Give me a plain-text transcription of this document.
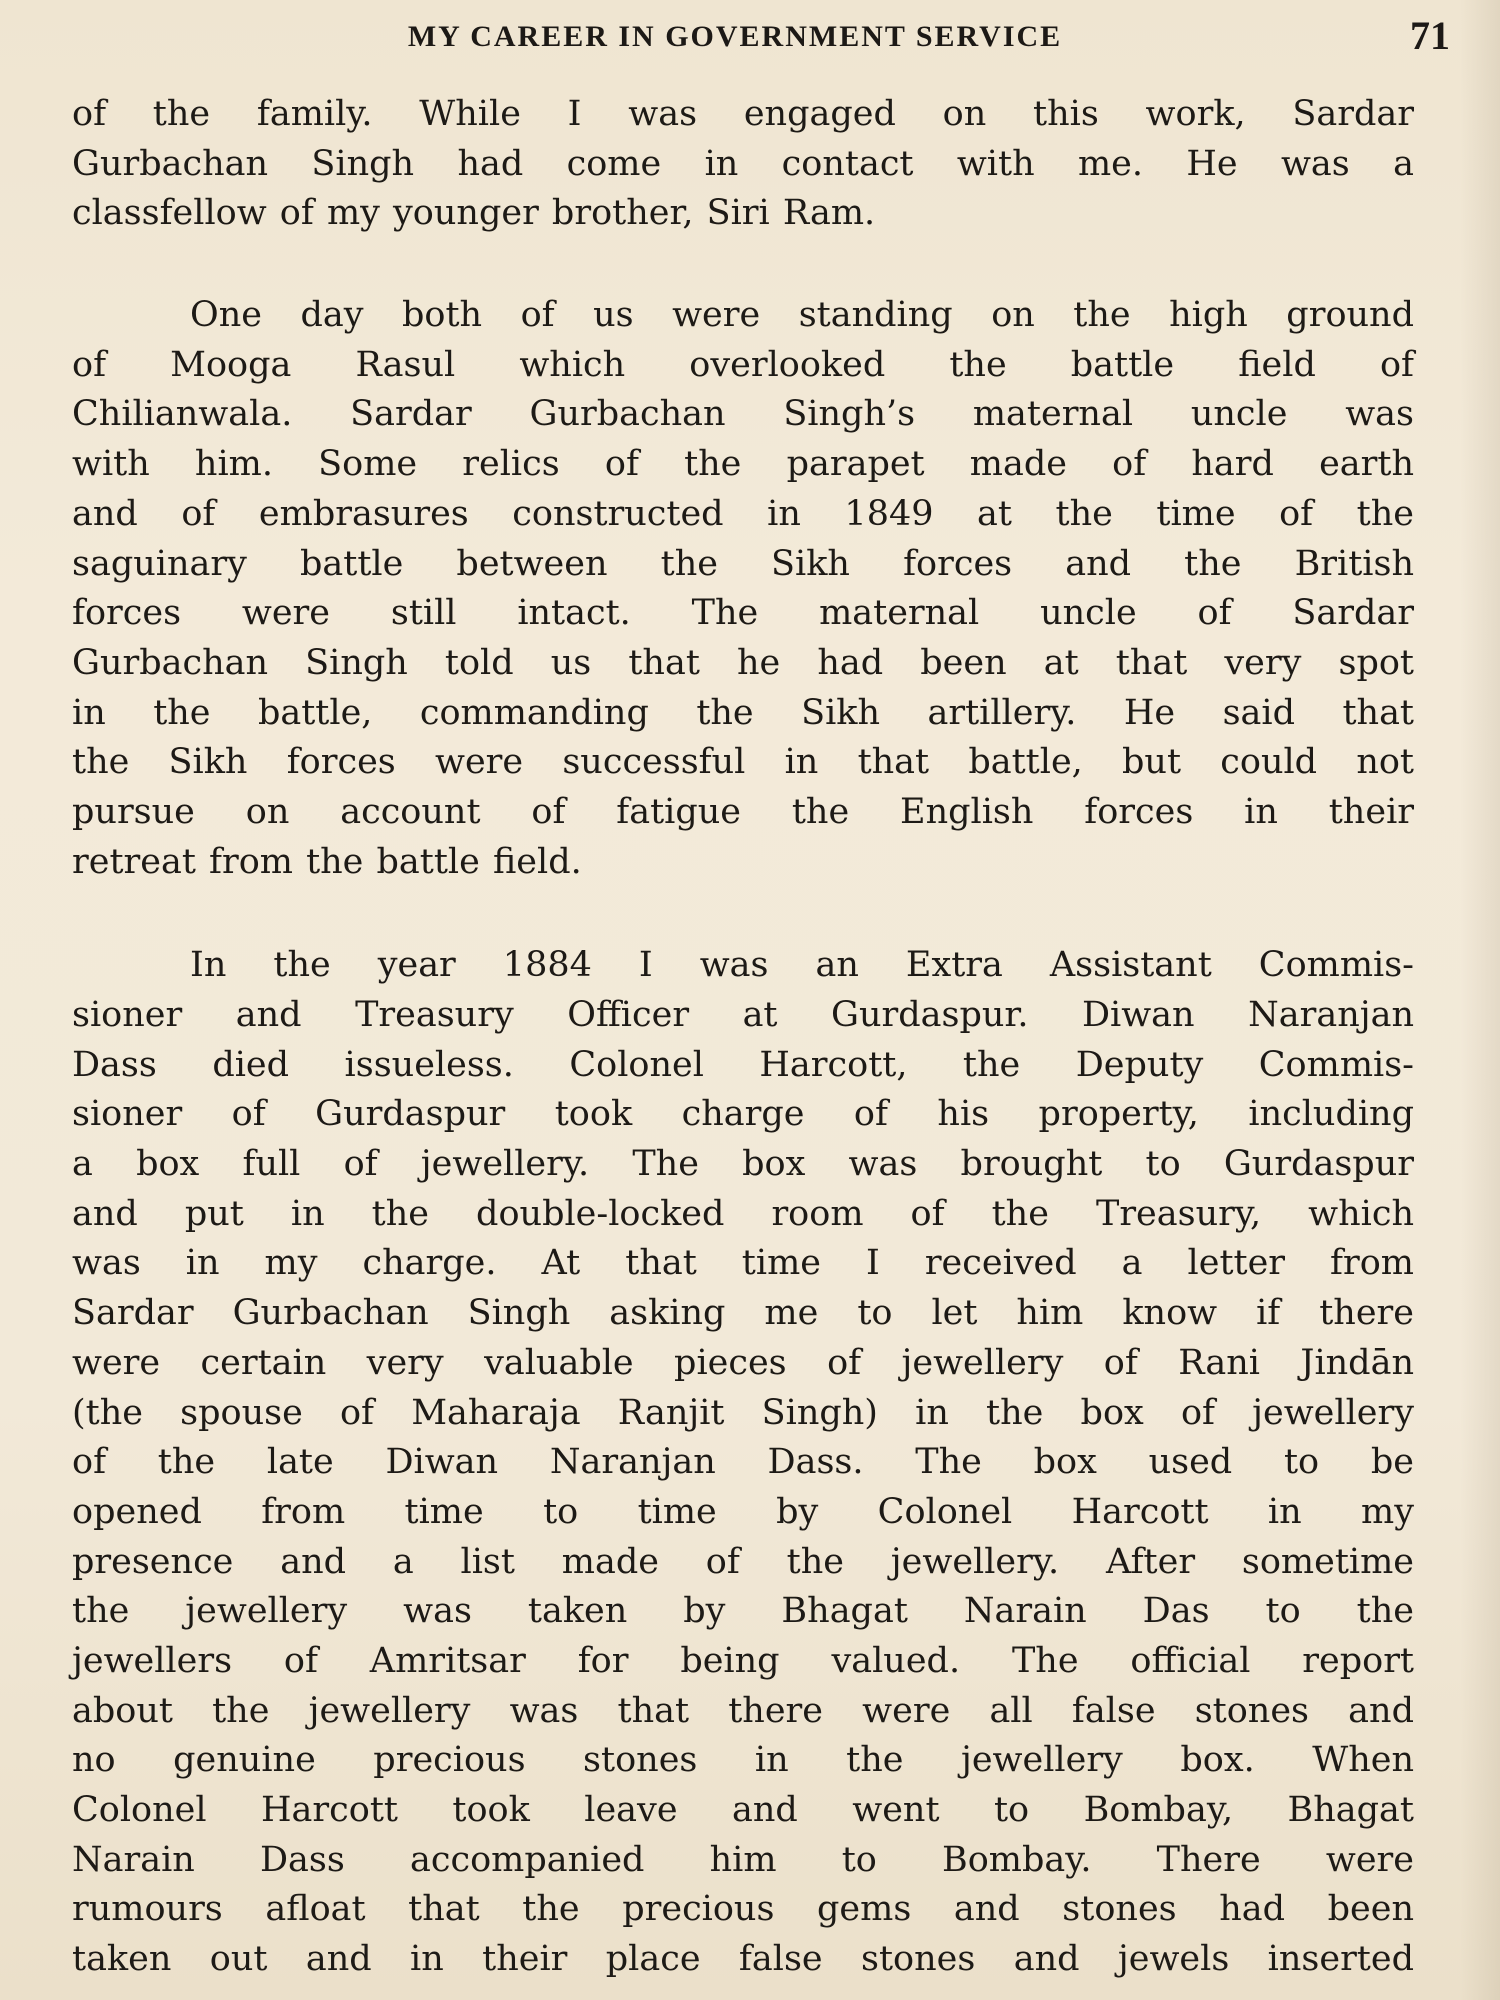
MY CAREER IN GOVERNMENT SERVICE	71
of the family. While I was engaged on this work, Sardar
Gurbachan Singh had come in contact with me. He was a
classfellow of my younger brother, Siri Ram.
One day both of us were standing on the high ground
of Mooga Rasul which overlooked the battle field of
Chilianwala. Sardar Gurbachan Singh’s maternal uncle was
with him. Some relics of the parapet made of hard earth
and of embrasures constructed in 1849 at the time of the
saguinary battle between the Sikh forces and the British
forces were still intact. The maternal uncle of Sardar
Gurbachan Singh told us that he had been at that very spot
in the battle, commanding the Sikh artillery. He said that
the Sikh forces were successful in that battle, but could not
pursue on account of fatigue the English forces in their
retreat from the battle field.
In the year 1884 I was an Extra Assistant Commis-
sioner and Treasury Officer at Gurdaspur. Diwan Naranjan
Dass died issueless. Colonel Harcott, the Deputy Commis-
sioner of Gurdaspur took charge of his property, including
a box full of jewellery. The box was brought to Gurdaspur
and put in the double-locked room of the Treasury, which
was in my charge. At that time I received a letter from
Sardar Gurbachan Singh asking me to let him know if there
were certain very valuable pieces of jewellery of Rani Jindān
(the spouse of Maharaja Ranjit Singh) in the box of jewellery
of the late Diwan Naranjan Dass. The box used to be
opened from time to time by Colonel Harcott in my
presence and a list made of the jewellery. After sometime
the jewellery was taken by Bhagat Narain Das to the
jewellers of Amritsar for being valued. The official report
about the jewellery was that there were all false stones and
no genuine precious stones in the jewellery box. When
Colonel Harcott took leave and went to Bombay, Bhagat
Narain Dass accompanied him to Bombay. There were
rumours afloat that the precious gems and stones had been
taken out and in their place false stones and jewels inserted
